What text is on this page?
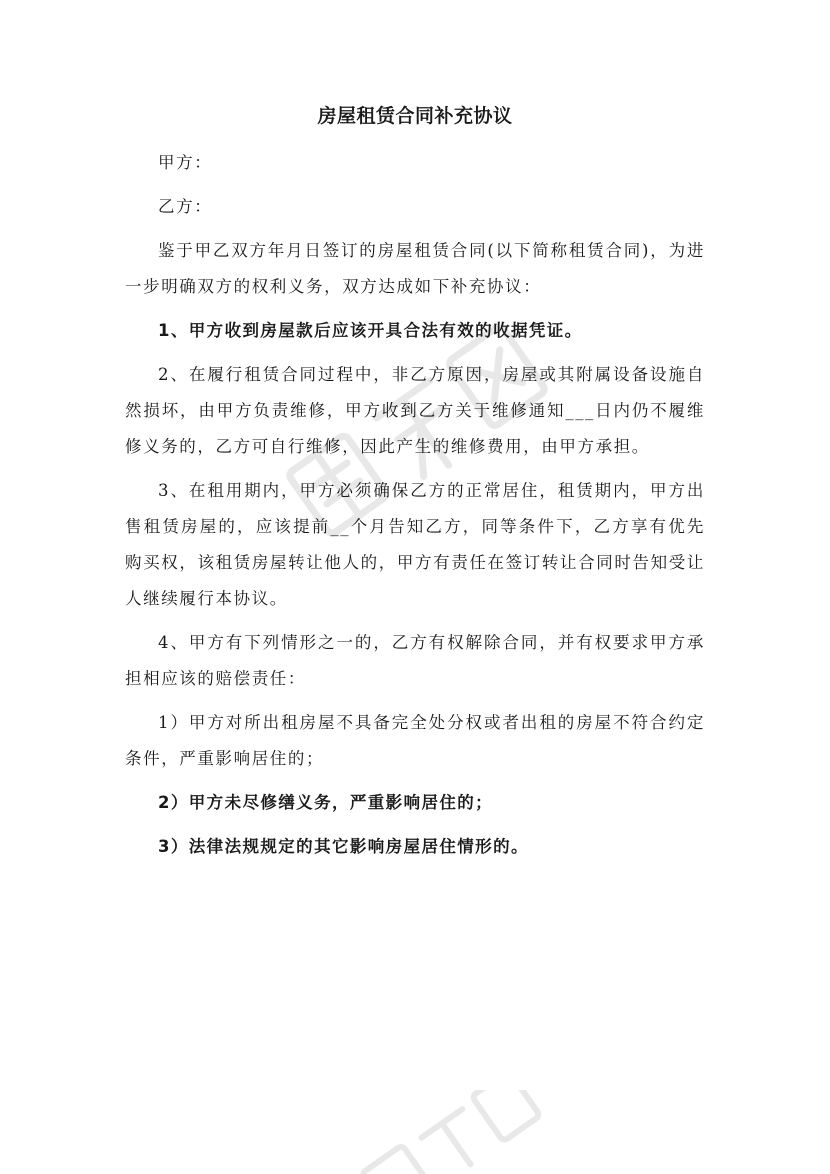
房屋租赁合同补充协议

甲方：

乙方：

鉴于甲乙双方年月日签订的房屋租赁合同(以下简称租赁合同)，为进一步明确双方的权利义务，双方达成如下补充协议：

1、甲方收到房屋款后应该开具合法有效的收据凭证。

2、在履行租赁合同过程中，非乙方原因，房屋或其附属设备设施自然损坏，由甲方负责维修，甲方收到乙方关于维修通知___日内仍不履维修义务的，乙方可自行维修，因此产生的维修费用，由甲方承担。

3、在租用期内，甲方必须确保乙方的正常居住，租赁期内，甲方出售租赁房屋的，应该提前__个月告知乙方，同等条件下，乙方享有优先购买权，该租赁房屋转让他人的，甲方有责任在签订转让合同时告知受让人继续履行本协议。

4、甲方有下列情形之一的，乙方有权解除合同，并有权要求甲方承担相应该的赔偿责任：

1）甲方对所出租房屋不具备完全处分权或者出租的房屋不符合约定条件，严重影响居住的；

2）甲方未尽修缮义务，严重影响居住的；

3）法律法规规定的其它影响房屋居住情形的。
